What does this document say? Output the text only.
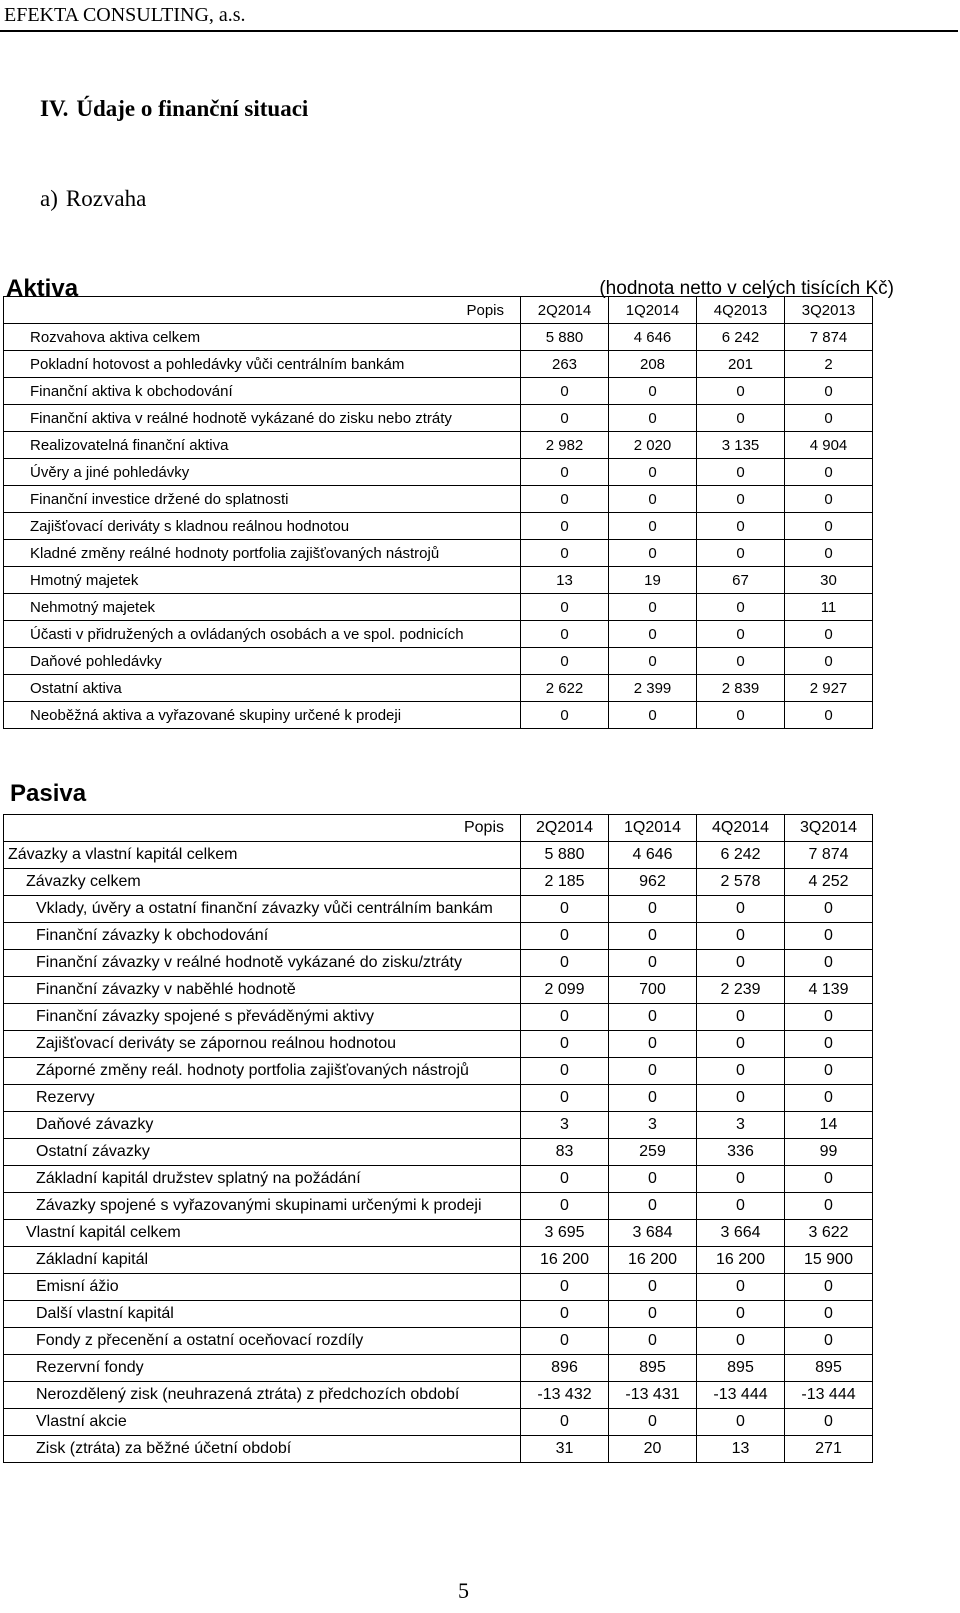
EFEKTA CONSULTING, a.s.
IV. Údaje o finanční situaci
a) Rozvaha
Aktiva	(hodnota netto v celých tisících Kč)
Popis	2Q2014	1Q2014	4Q2013	3Q2013
Rozvahova aktiva celkem	5 880	4 646	6 242	7 874
Pokladní hotovost a pohledávky vůči centrálním bankám	263	208	201	2
Finanční aktiva k obchodování	0	0	0	0
Finanční aktiva v reálné hodnotě vykázané do zisku nebo ztráty	0	0	0	0
Realizovatelná finanční aktiva	2 982	2 020	3 135	4 904
Úvěry a jiné pohledávky	0	0	0	0
Finanční investice držené do splatnosti	0	0	0	0
Zajišťovací deriváty s kladnou reálnou hodnotou	0	0	0	0
Kladné změny reálné hodnoty portfolia zajišťovaných nástrojů	0	0	0	0
Hmotný majetek	13	19	67	30
Nehmotný majetek	0	0	0	11
Účasti v přidružených a ovládaných osobách a ve spol. podnicích	0	0	0	0
Daňové pohledávky	0	0	0	0
Ostatní aktiva	2 622	2 399	2 839	2 927
Neoběžná aktiva a vyřazované skupiny určené k prodeji	0	0	0	0
Pasiva
Popis	2Q2014	1Q2014	4Q2014	3Q2014
Závazky a vlastní kapitál celkem	5 880	4 646	6 242	7 874
Závazky celkem	2 185	962	2 578	4 252
Vklady, úvěry a ostatní finanční závazky vůči centrálním bankám	0	0	0	0
Finanční závazky k obchodování	0	0	0	0
Finanční závazky v reálné hodnotě vykázané do zisku/ztráty	0	0	0	0
Finanční závazky v naběhlé hodnotě	2 099	700	2 239	4 139
Finanční závazky spojené s převáděnými aktivy	0	0	0	0
Zajišťovací deriváty se zápornou reálnou hodnotou	0	0	0	0
Záporné změny reál. hodnoty portfolia zajišťovaných nástrojů	0	0	0	0
Rezervy	0	0	0	0
Daňové závazky	3	3	3	14
Ostatní závazky	83	259	336	99
Základní kapitál družstev splatný na požádání	0	0	0	0
Závazky spojené s vyřazovanými skupinami určenými k prodeji	0	0	0	0
Vlastní kapitál celkem	3 695	3 684	3 664	3 622
Základní kapitál	16 200	16 200	16 200	15 900
Emisní ážio	0	0	0	0
Další vlastní kapitál	0	0	0	0
Fondy z přecenění a ostatní oceňovací rozdíly	0	0	0	0
Rezervní fondy	896	895	895	895
Nerozdělený zisk (neuhrazená ztráta) z předchozích období	-13 432	-13 431	-13 444	-13 444
Vlastní akcie	0	0	0	0
Zisk (ztráta) za běžné účetní období	31	20	13	271
5
